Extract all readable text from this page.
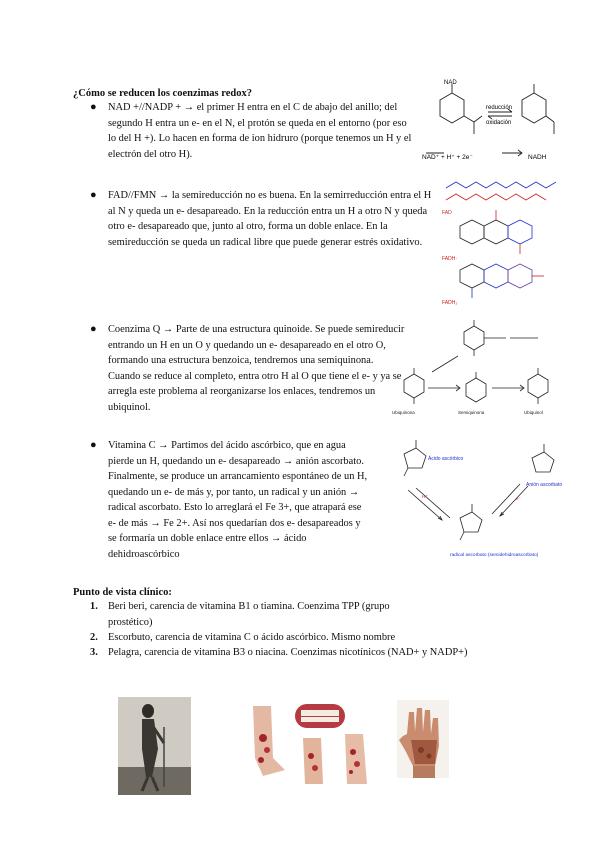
¿Cómo se reducen los coenzimas redox?
● NAD +//NADP + → el primer H entra en el C de abajo del anillo; del segundo H entra un e- en el N, el protón se queda en el entorno (por eso lo del H +). Lo hacen en forma de ion hidruro (porque tenemos un H y el electrón del otro H).
● FAD//FMN → la semireducción no es buena. En la semirreducción entra el H al N y queda un e- desapareado. En la reducción entra un H a otro N y queda otro e- desapareado que, junto al otro, forma un doble enlace. En la semireducción se queda un radical libre que puede generar estrés oxidativo.
● Coenzima Q → Parte de una estructura quinoide. Se puede semireducir entrando un H en un O y quedando un e- desapareado en el otro O, formando una estructura benzoica, tendremos una semiquinona. Cuando se reduce al completo, entra otro H al O que tiene el e- y ya se arregla este problema al reorganizarse los enlaces, tendremos un ubiquinol.
● Vitamina C → Partimos del ácido ascórbico, que en agua pierde un H, quedando un e- desapareado → anión ascorbato. Finalmente, se produce un arrancamiento espontáneo de un H, quedando un e- de más y, por tanto, un radical y un anión → radical ascorbato. Esto lo arreglará el Fe 3+, que atrapará ese e- de más → Fe 2+. Así nos quedarían dos e- desapareados y se formaría un doble enlace entre ellos → ácido dehidroascórbico
NAD
reducción
oxidación
NAD⁺ + H⁺ + 2e⁻	NADH
FAD
FADH·
FADH₂
Ubiquinona	Semiquinona	Ubiquinol
Ácido ascórbico
Anión ascorbato
radical ascorbato (semidehidroascorbato)
H⁺	e⁻
Punto de vista clínico:
1. Beri beri, carencia de vitamina B1 o tiamina. Coenzima TPP (grupo prostético)
2. Escorbuto, carencia de vitamina C o ácido ascórbico. Mismo nombre
3. Pelagra, carencia de vitamina B3 o niacina. Coenzimas nicotínicos (NAD+ y NADP+)
